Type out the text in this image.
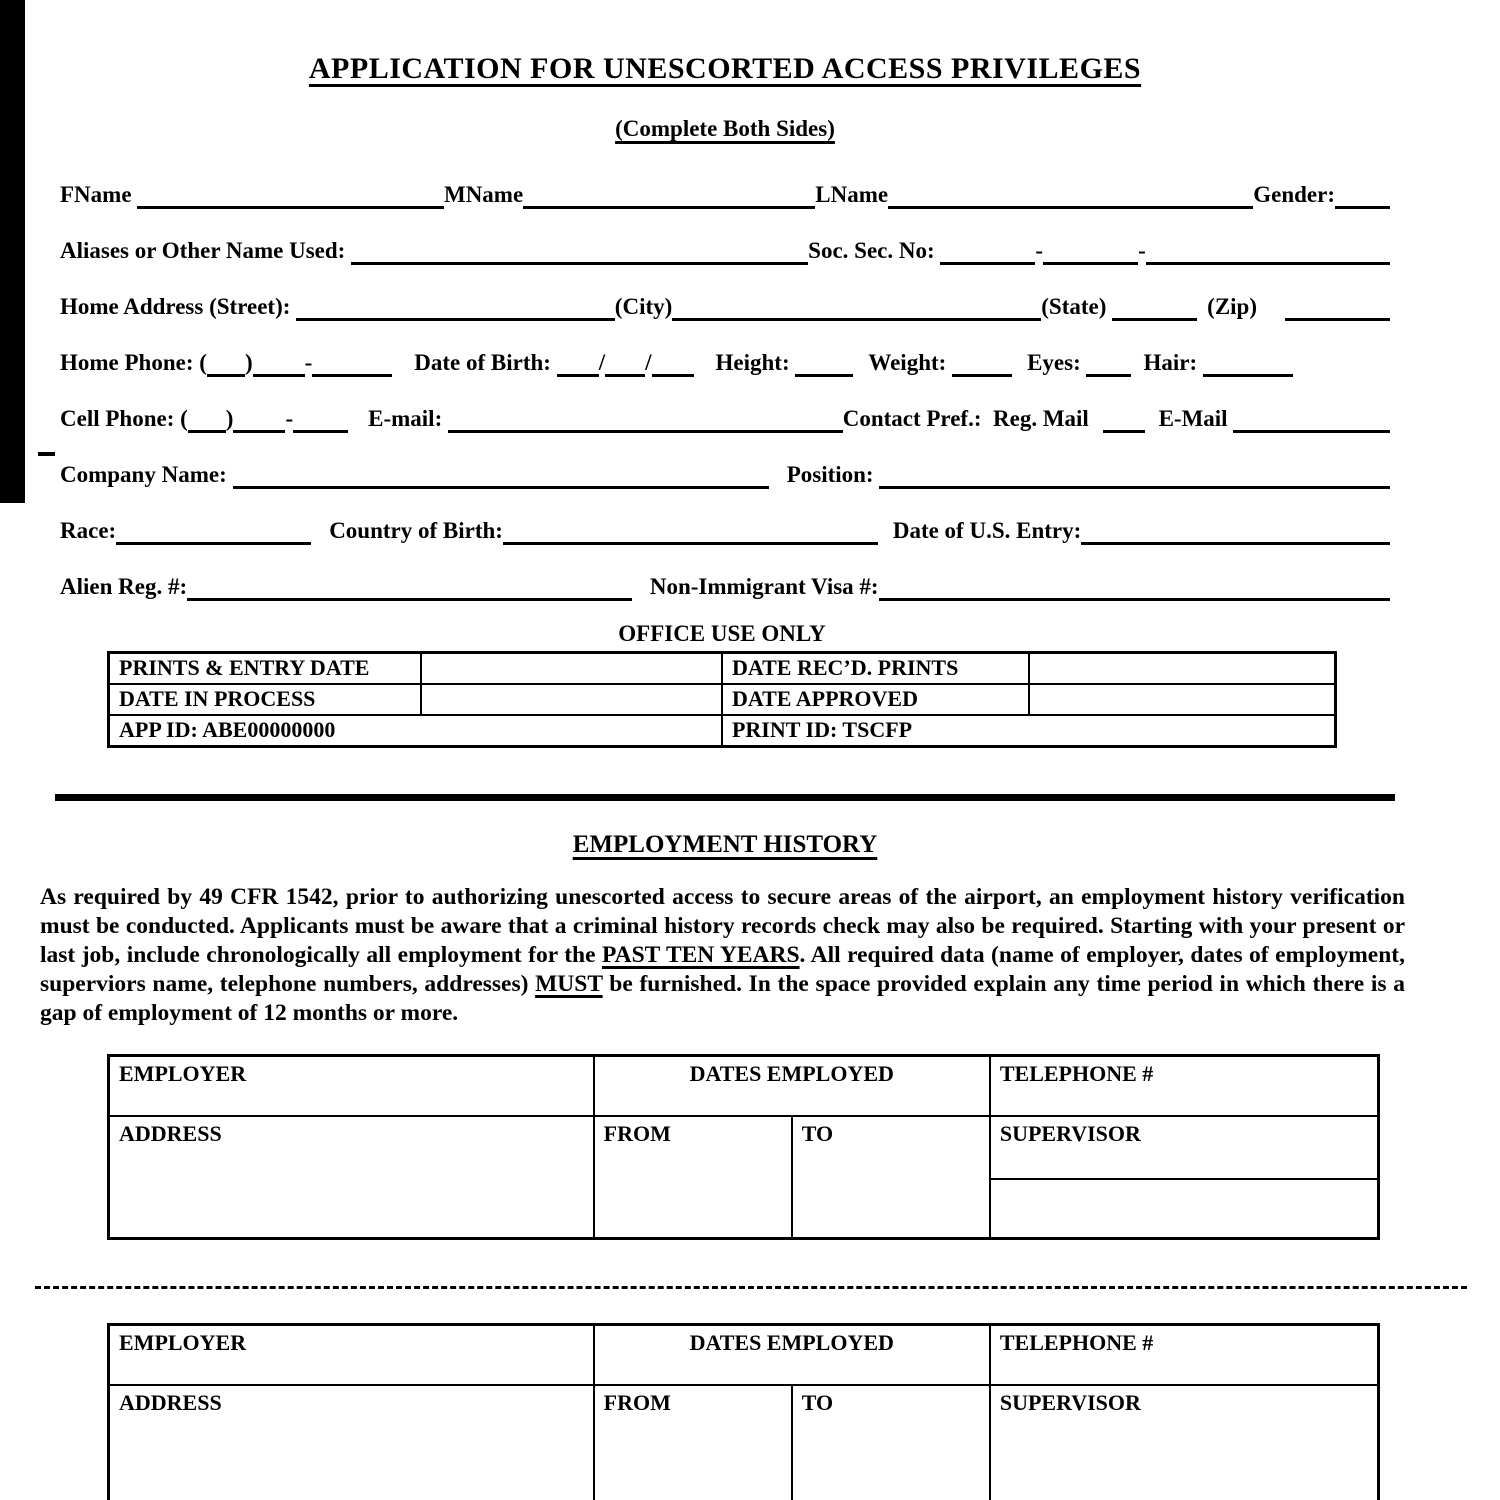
APPLICATION FOR UNESCORTED ACCESS PRIVILEGES
(Complete Both Sides)
FName	MName	LName	Gender:
Aliases or Other Name Used:	Soc. Sec. No:	-	-
Home Address (Street):	(City)	(State)	(Zip)
Home Phone: ( ) -	Date of Birth: / /	Height:	Weight:	Eyes: Hair:
Cell Phone: ( ) -	E-mail:	Contact Pref.: Reg. Mail	E-Mail
Company Name:	Position:
Race:	Country of Birth:	Date of U.S. Entry:
Alien Reg. #:	Non-Immigrant Visa #:
OFFICE USE ONLY
PRINTS & ENTRY DATE		DATE REC’D. PRINTS	
DATE IN PROCESS		DATE APPROVED	
APP ID: ABE00000000		PRINT ID: TSCFP	
EMPLOYMENT HISTORY

As required by 49 CFR 1542, prior to authorizing unescorted access to secure areas of the airport, an employment history verification must be conducted. Applicants must be aware that a criminal history records check may also be required. Starting with your present or last job, include chronologically all employment for the PAST TEN YEARS. All required data (name of employer, dates of employment, superviors name, telephone numbers, addresses) MUST be furnished. In the space provided explain any time period in which there is a gap of employment of 12 months or more.

EMPLOYER	DATES EMPLOYED		TELEPHONE #
ADDRESS	FROM	TO	SUPERVISOR

EMPLOYER	DATES EMPLOYED		TELEPHONE #
ADDRESS	FROM	TO	SUPERVISOR
